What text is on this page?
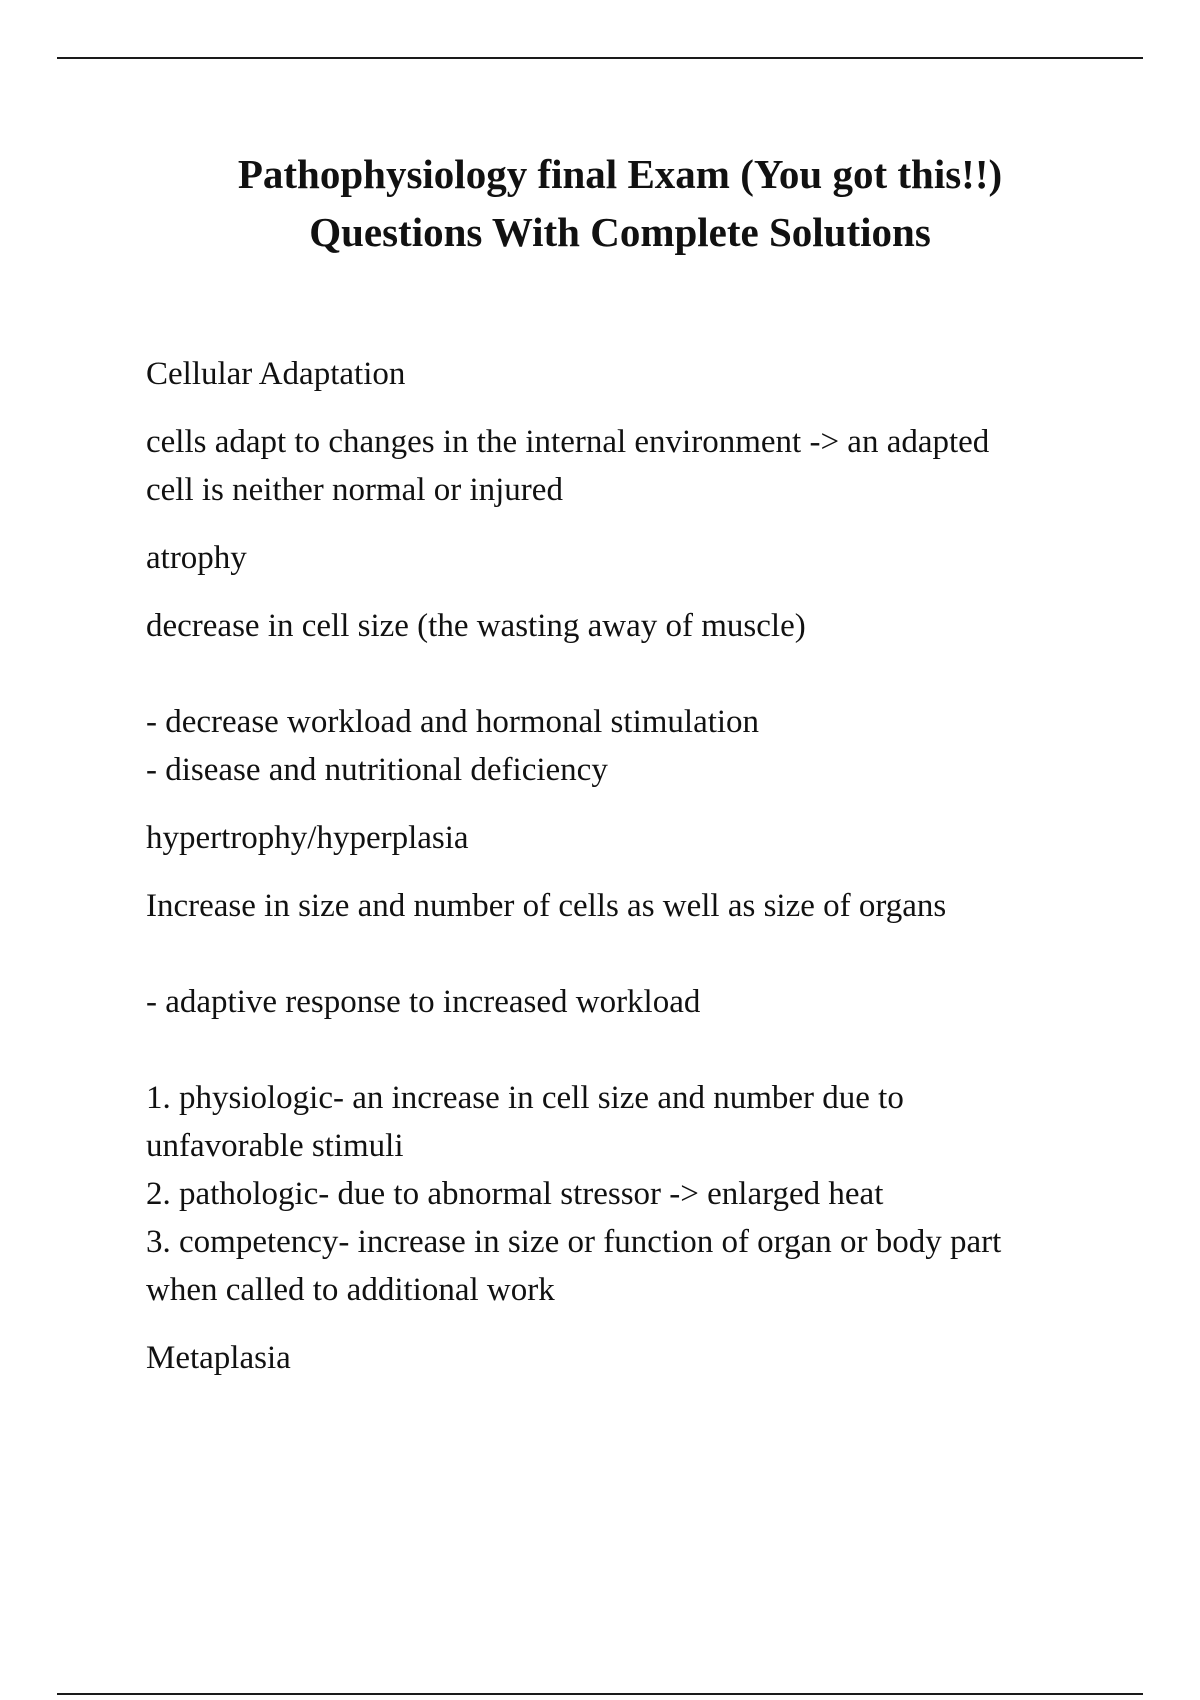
Pathophysiology final Exam (You got this!!)
Questions With Complete Solutions
Cellular Adaptation
cells adapt to changes in the internal environment -> an adapted
cell is neither normal or injured
atrophy
decrease in cell size (the wasting away of muscle)
- decrease workload and hormonal stimulation
- disease and nutritional deficiency
hypertrophy/hyperplasia
Increase in size and number of cells as well as size of organs
- adaptive response to increased workload
1. physiologic- an increase in cell size and number due to
unfavorable stimuli
2. pathologic- due to abnormal stressor -> enlarged heat
3. competency- increase in size or function of organ or body part
when called to additional work
Metaplasia
